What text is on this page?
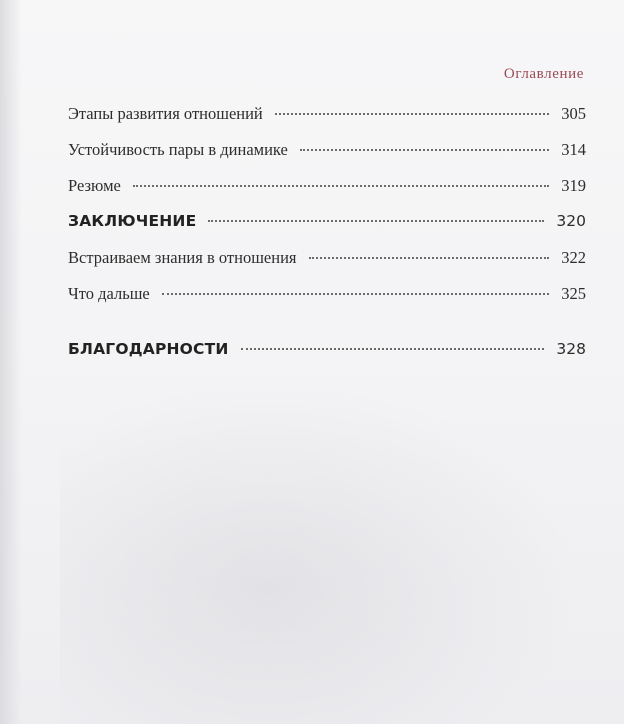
Оглавление
Этапы развития отношений	305
Устойчивость пары в динамике	314
Резюме	319
ЗАКЛЮЧЕНИЕ	320
Встраиваем знания в отношения	322
Что дальше	325
БЛАГОДАРНОСТИ	328
